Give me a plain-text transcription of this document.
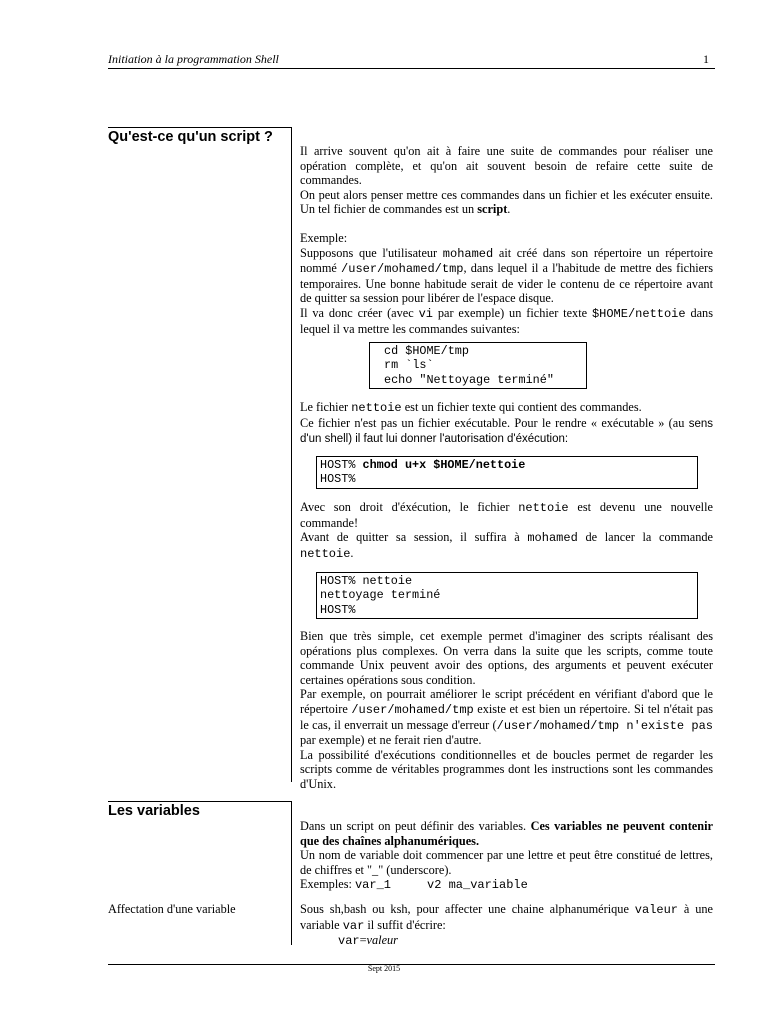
Initiation à la programmation Shell	1
Qu'est-ce qu'un script ?

Il arrive souvent qu'on ait à faire une suite de commandes pour réaliser une opération complète, et qu'on ait souvent besoin de refaire cette suite de commandes.

On peut alors penser mettre ces commandes dans un fichier et les exécuter ensuite. Un tel fichier de commandes est un script.

Exemple:

Supposons que l'utilisateur mohamed ait créé dans son répertoire un répertoire nommé /user/mohamed/tmp, dans lequel il a l'habitude de mettre des fichiers temporaires. Une bonne habitude serait de vider le contenu de ce répertoire avant de quitter sa session pour libérer de l'espace disque.

Il va donc créer (avec vi par exemple) un fichier texte $HOME/nettoie dans lequel il va mettre les commandes suivantes:

cd $HOME/tmp
rm `ls`
echo "Nettoyage terminé"

Le fichier nettoie est un fichier texte qui contient des commandes.

Ce fichier n'est pas un fichier exécutable. Pour le rendre « exécutable » (au sens d'un shell) il faut lui donner l'autorisation d'éxécution:

HOST% chmod u+x $HOME/nettoie
HOST%

Avec son droit d'éxécution, le fichier nettoie est devenu une nouvelle commande!

Avant de quitter sa session, il suffira à mohamed de lancer la commande nettoie.

HOST% nettoie
nettoyage terminé
HOST%

Bien que très simple, cet exemple permet d'imaginer des scripts réalisant des opérations plus complexes. On verra dans la suite que les scripts, comme toute commande Unix peuvent avoir des options, des arguments et peuvent exécuter certaines opérations sous condition.

Par exemple, on pourrait améliorer le script précédent en vérifiant d'abord que le répertoire /user/mohamed/tmp existe et est bien un répertoire. Si tel n'était pas le cas, il enverrait un message d'erreur (/user/mohamed/tmp n'existe pas par exemple) et ne ferait rien d'autre.

La possibilité d'exécutions conditionnelles et de boucles permet de regarder les scripts comme de véritables programmes dont les instructions sont les commandes d'Unix.

Les variables

Dans un script on peut définir des variables. Ces variables ne peuvent contenir que des chaînes alphanumériques.

Un nom de variable doit commencer par une lettre et peut être constitué de lettres, de chiffres et "_" (underscore).

Exemples: var_1     v2 ma_variable

Affectation d'une variable	Sous sh,bash ou ksh, pour affecter une chaine alphanumérique valeur à une variable var il suffit d'écrire:

var=valeur

Sept 2015
